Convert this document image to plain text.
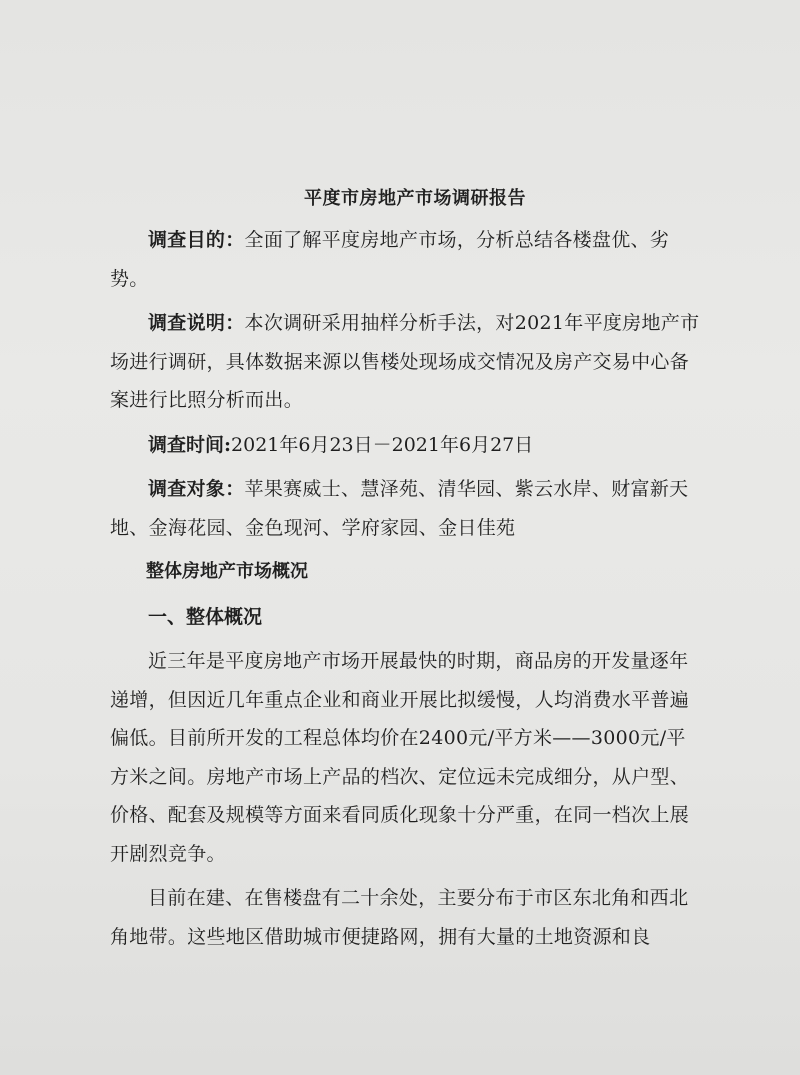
平度市房地产市场调研报告

调查目的：全面了解平度房地产市场，分析总结各楼盘优、劣势。

调查说明：本次调研采用抽样分析手法，对2021年平度房地产市场进行调研，具体数据来源以售楼处现场成交情况及房产交易中心备案进行比照分析而出。

调查时间:2021年6月23日－2021年6月27日

调查对象：苹果赛威士、慧泽苑、清华园、紫云水岸、财富新天地、金海花园、金色现河、学府家园、金日佳苑

整体房地产市场概况
一、整体概况

近三年是平度房地产市场开展最快的时期，商品房的开发量逐年递增，但因近几年重点企业和商业开展比拟缓慢，人均消费水平普遍偏低。目前所开发的工程总体均价在2400元/平方米——3000元/平方米之间。房地产市场上产品的档次、定位远未完成细分，从户型、价格、配套及规模等方面来看同质化现象十分严重，在同一档次上展开剧烈竞争。

目前在建、在售楼盘有二十余处，主要分布于市区东北角和西北角地带。这些地区借助城市便捷路网，拥有大量的土地资源和良
